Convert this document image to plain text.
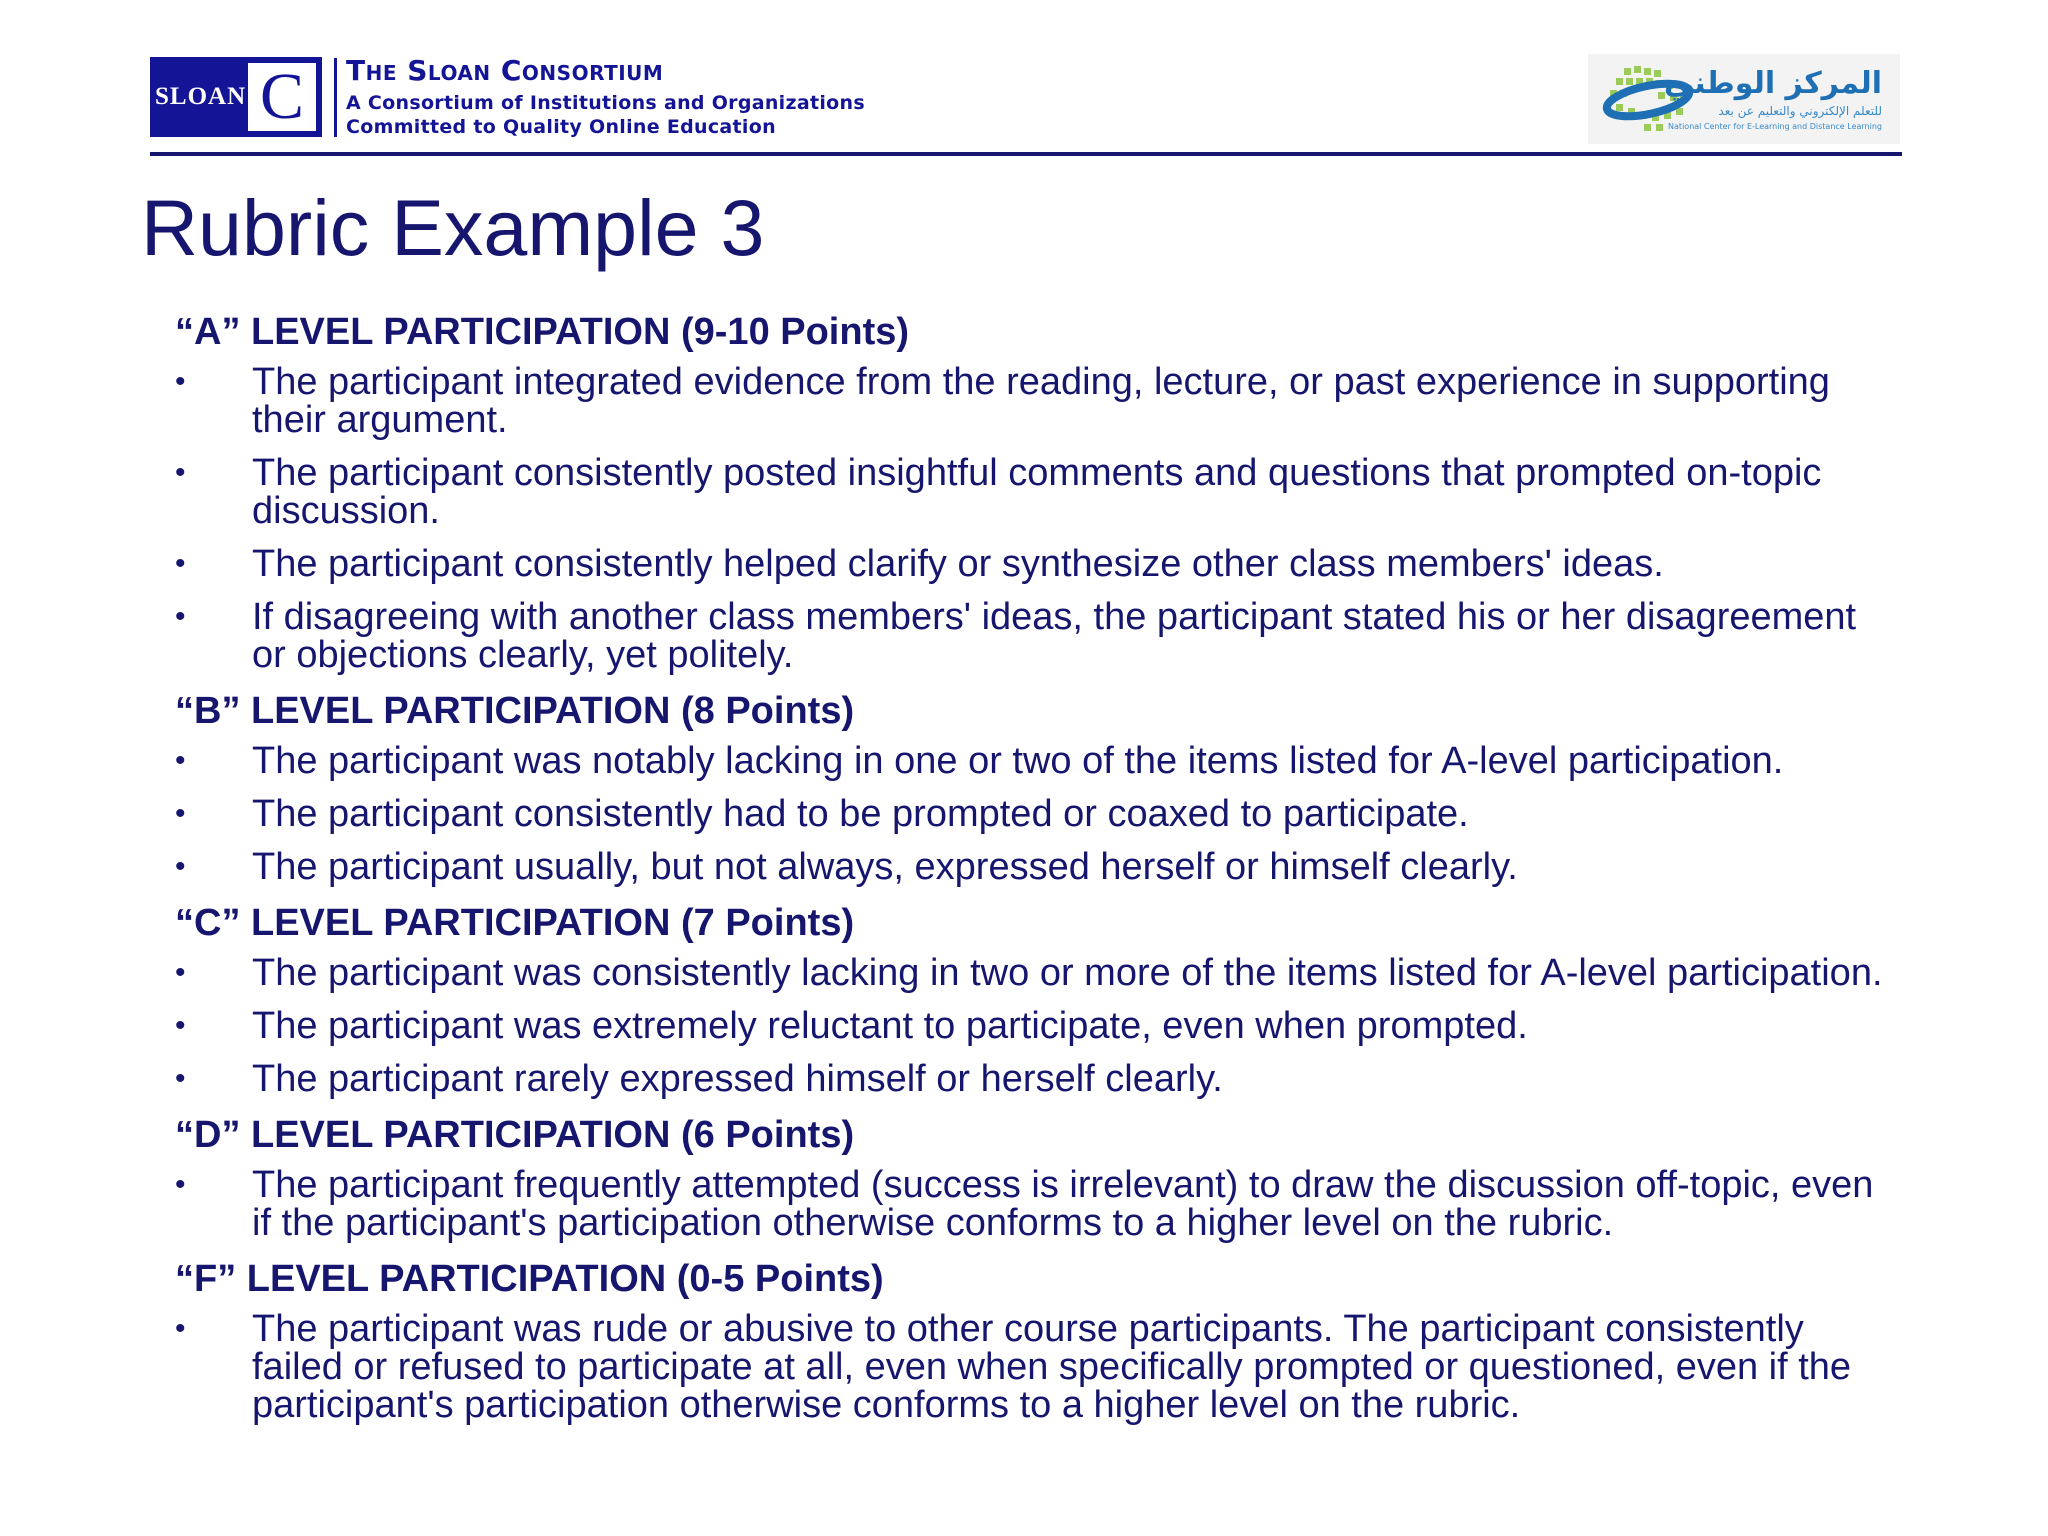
SLOAN C The Sloan Consortium
A Consortium of Institutions and Organizations
Committed to Quality Online Education
المركز الوطني
للتعلم الإلكتروني والتعليم عن بعد
National Center for E-Learning and Distance Learning
Rubric Example 3
“A” LEVEL PARTICIPATION (9-10 Points)
• The participant integrated evidence from the reading, lecture, or past experience in supporting their argument.
• The participant consistently posted insightful comments and questions that prompted on-topic discussion.
• The participant consistently helped clarify or synthesize other class members' ideas.
• If disagreeing with another class members' ideas, the participant stated his or her disagreement or objections clearly, yet politely.
“B” LEVEL PARTICIPATION (8 Points)
• The participant was notably lacking in one or two of the items listed for A-level participation.
• The participant consistently had to be prompted or coaxed to participate.
• The participant usually, but not always, expressed herself or himself clearly.
“C” LEVEL PARTICIPATION (7 Points)
• The participant was consistently lacking in two or more of the items listed for A-level participation.
• The participant was extremely reluctant to participate, even when prompted.
• The participant rarely expressed himself or herself clearly.
“D” LEVEL PARTICIPATION (6 Points)
• The participant frequently attempted (success is irrelevant) to draw the discussion off-topic, even if the participant's participation otherwise conforms to a higher level on the rubric.
“F” LEVEL PARTICIPATION (0-5 Points)
• The participant was rude or abusive to other course participants. The participant consistently failed or refused to participate at all, even when specifically prompted or questioned, even if the participant's participation otherwise conforms to a higher level on the rubric.
